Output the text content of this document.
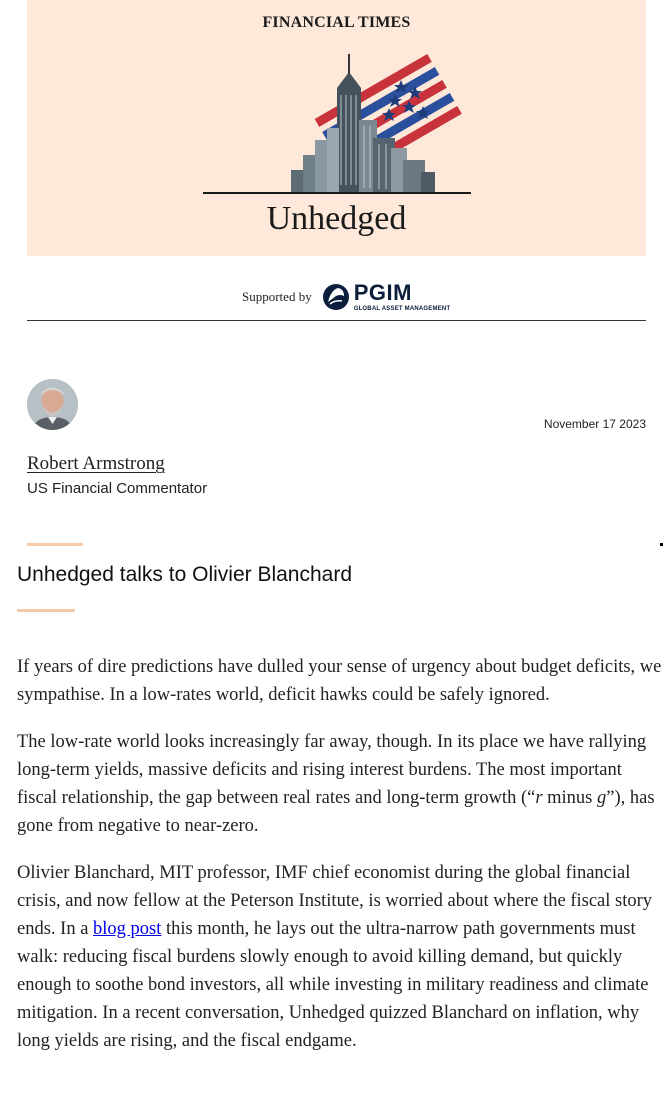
FINANCIAL TIMES
Unhedged
Supported by PGIM
GLOBAL ASSET MANAGEMENT
November 17 2023
Robert Armstrong
US Financial Commentator
Unhedged talks to Olivier Blanchard

If years of dire predictions have dulled your sense of urgency about budget deficits, we sympathise. In a low-rates world, deficit hawks could be safely ignored.

The low-rate world looks increasingly far away, though. In its place we have rallying long-term yields, massive deficits and rising interest burdens. The most important fiscal relationship, the gap between real rates and long-term growth (“r minus g”), has gone from negative to near-zero.

Olivier Blanchard, MIT professor, IMF chief economist during the global financial crisis, and now fellow at the Peterson Institute, is worried about where the fiscal story ends. In a blog post this month, he lays out the ultra-narrow path governments must walk: reducing fiscal burdens slowly enough to avoid killing demand, but quickly enough to soothe bond investors, all while investing in military readiness and climate mitigation. In a recent conversation, Unhedged quizzed Blanchard on inflation, why long yields are rising, and the fiscal endgame.
